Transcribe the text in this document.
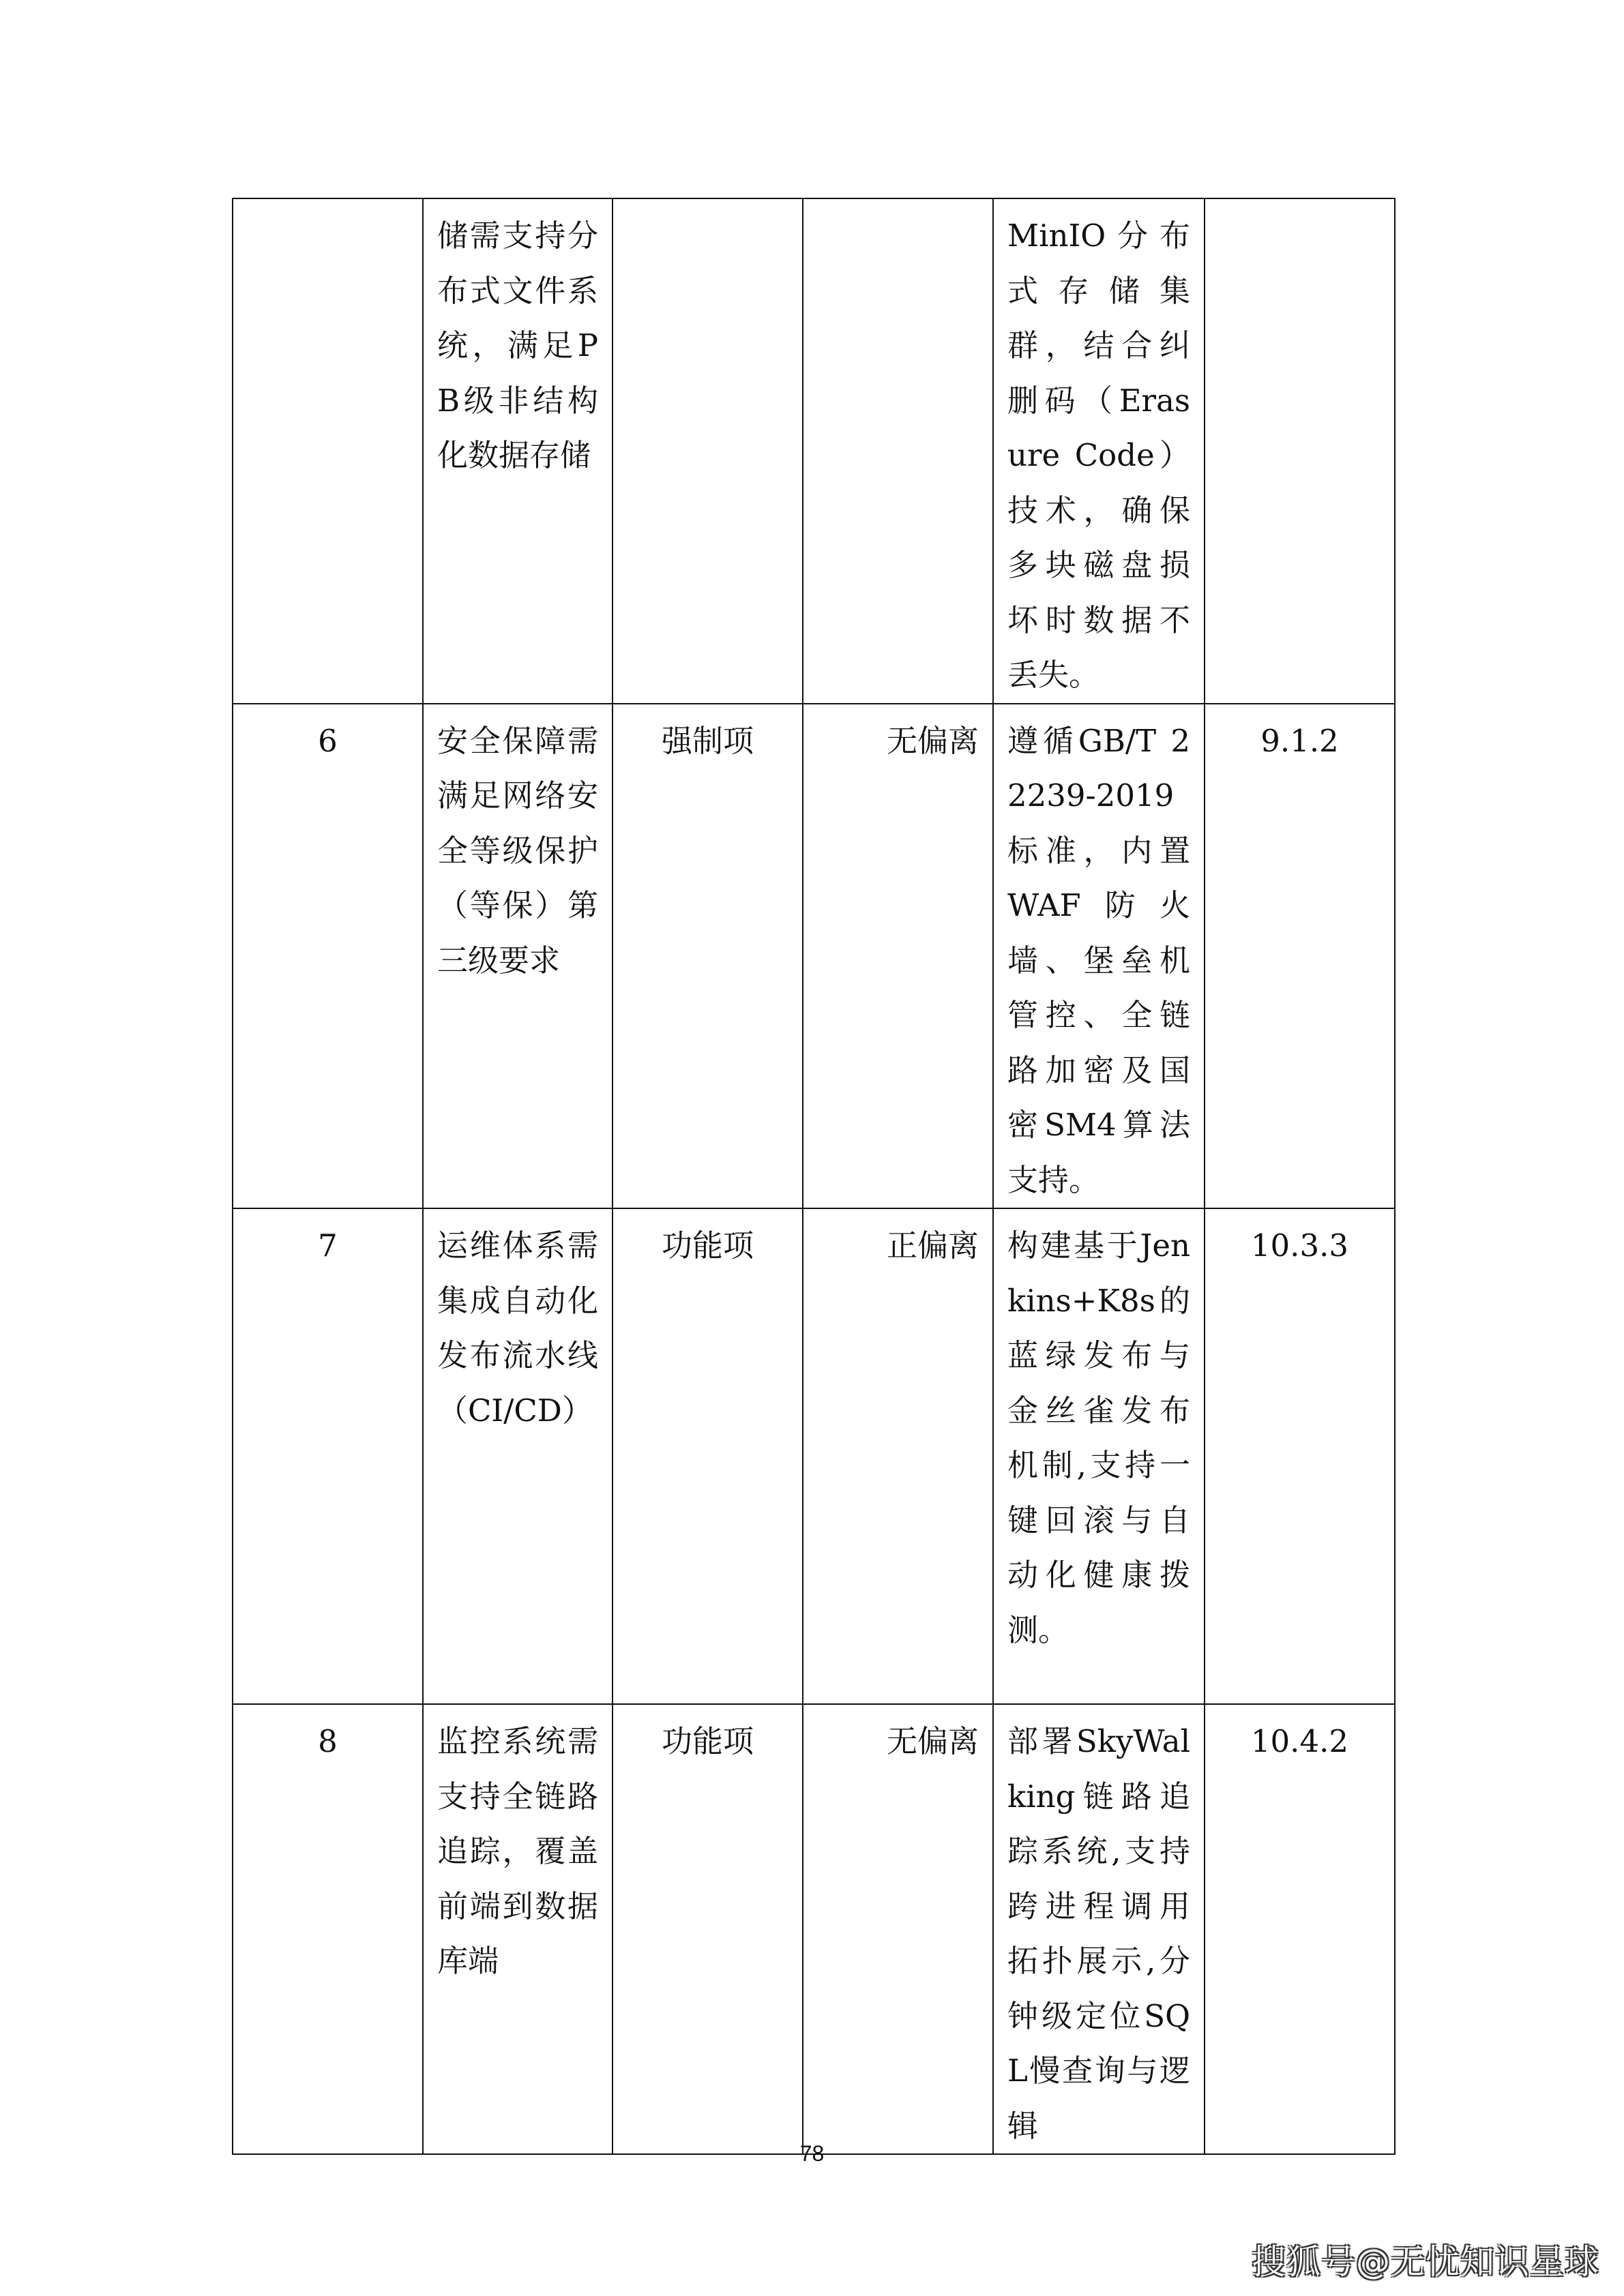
	储需支持分布式文件系统，满足PB级非结构化数据存储			MinIO分布式存储集群，结合纠删码（Erasure Code）技术，确保多块磁盘损坏时数据不丢失。	
6	安全保障需满足网络安全等级保护（等保）第三级要求	强制项	无偏离	遵循GB/T 22239-2019标准，内置WAF防火墙、堡垒机管控、全链路加密及国密SM4算法支持。	9.1.2
7	运维体系需集成自动化发布流水线（CI/CD）	功能项	正偏离	构建基于Jenkins+K8s的蓝绿发布与金丝雀发布机制,支持一键回滚与自动化健康拨测。	10.3.3
8	监控系统需支持全链路追踪，覆盖前端到数据库端	功能项	无偏离	部署SkyWalking链路追踪系统,支持跨进程调用拓扑展示,分钟级定位SQL慢查询与逻辑	10.4.2
78
搜狐号@无忧知识星球
